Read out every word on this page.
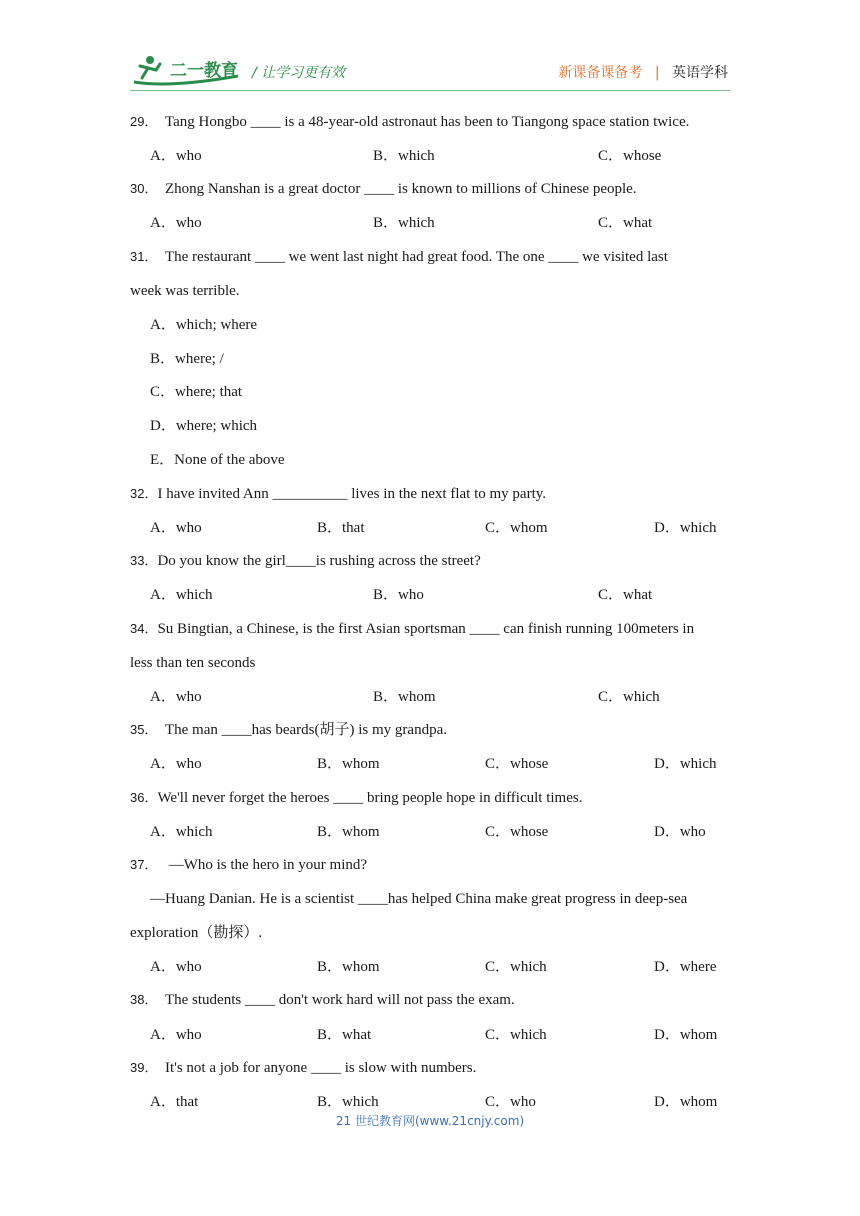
二一教育 / 让学习更有效	新课备课备考 | 英语学科
29． Tang Hongbo ____ is a 48-year-old astronaut has been to Tiangong space station twice.
A．who	B．which	C．whose
30． Zhong Nanshan is a great doctor ____ is known to millions of Chinese people.
A．who	B．which	C．what
31． The restaurant ____ we went last night had great food. The one ____ we visited last
week was terrible.
A．which; where
B．where; /
C．where; that
D．where; which
E．None of the above
32．I have invited Ann __________ lives in the next flat to my party.
A．who	B．that	C．whom	D．which
33．Do you know the girl____is rushing across the street?
A．which	B．who	C．what
34．Su Bingtian, a Chinese, is the first Asian sportsman ____ can finish running 100meters in
less than ten seconds
A．who	B．whom	C．which
35． The man ____has beards(胡子) is my grandpa.
A．who	B．whom	C．whose	D．which
36．We'll never forget the heroes ____ bring people hope in difficult times.
A．which	B．whom	C．whose	D．who
37． —Who is the hero in your mind?
—Huang Danian. He is a scientist ____has helped China make great progress in deep-sea
exploration（勘探）.
A．who	B．whom	C．which	D．where
38． The students ____ don't work hard will not pass the exam.
A．who	B．what	C．which	D．whom
39． It's not a job for anyone ____ is slow with numbers.
A．that	B．which	C．who	D．whom
21 世纪教育网(www.21cnjy.com)
